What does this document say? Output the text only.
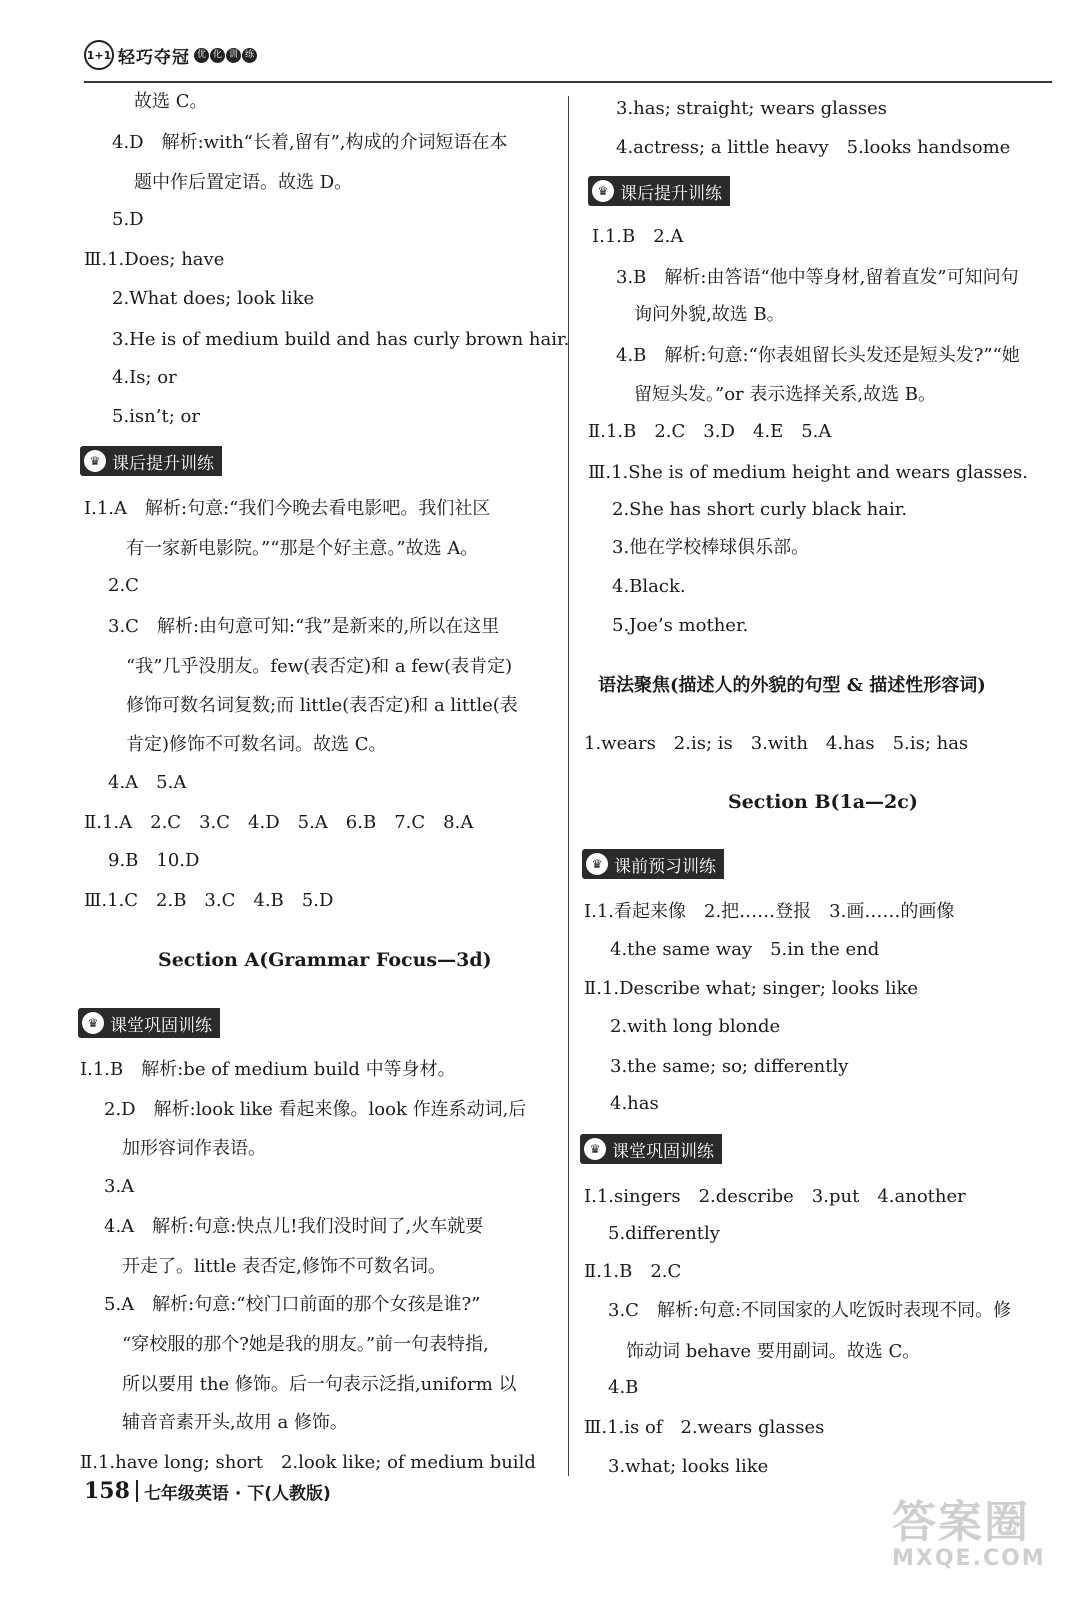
1+1 轻巧夺冠 优 化 训 练
故选 C。
4.D　解析:with“长着,留有”,构成的介词短语在本
题中作后置定语。故选 D。
5.D
Ⅲ.1.Does; have
2.What does; look like
3.He is of medium build and has curly brown hair.
4.Is; or
5.isn’t; or
♛ 课后提升训练
Ⅰ.1.A　解析:句意:“我们今晚去看电影吧。我们社区
有一家新电影院。”“那是个好主意。”故选 A。
2.C
3.C　解析:由句意可知:“我”是新来的,所以在这里
“我”几乎没朋友。few(表否定)和 a few(表肯定)
修饰可数名词复数;而 little(表否定)和 a little(表
肯定)修饰不可数名词。故选 C。
4.A　5.A
Ⅱ.1.A　2.C　3.C　4.D　5.A　6.B　7.C　8.A
9.B　10.D
Ⅲ.1.C　2.B　3.C　4.B　5.D
Section A(Grammar Focus—3d)
♛ 课堂巩固训练
Ⅰ.1.B　解析:be of medium build 中等身材。
2.D　解析:look like 看起来像。look 作连系动词,后
加形容词作表语。
3.A
4.A　解析:句意:快点儿!我们没时间了,火车就要
开走了。little 表否定,修饰不可数名词。
5.A　解析:句意:“校门口前面的那个女孩是谁?”
“穿校服的那个?她是我的朋友。”前一句表特指,
所以要用 the 修饰。后一句表示泛指,uniform 以
辅音音素开头,故用 a 修饰。
Ⅱ.1.have long; short　2.look like; of medium build
3.has; straight; wears glasses
4.actress; a little heavy　5.looks handsome
♛ 课后提升训练
Ⅰ.1.B　2.A
3.B　解析:由答语“他中等身材,留着直发”可知问句
询问外貌,故选 B。
4.B　解析:句意:“你表姐留长头发还是短头发?”“她
留短头发。”or 表示选择关系,故选 B。
Ⅱ.1.B　2.C　3.D　4.E　5.A
Ⅲ.1.She is of medium height and wears glasses.
2.She has short curly black hair.
3.他在学校棒球俱乐部。
4.Black.
5.Joe’s mother.
语法聚焦(描述人的外貌的句型 & 描述性形容词)
1.wears　2.is; is　3.with　4.has　5.is; has
Section B(1a—2c)
♛ 课前预习训练
Ⅰ.1.看起来像　2.把……登报　3.画……的画像
4.the same way　5.in the end
Ⅱ.1.Describe what; singer; looks like
2.with long blonde
3.the same; so; differently
4.has
♛ 课堂巩固训练
Ⅰ.1.singers　2.describe　3.put　4.another
5.differently
Ⅱ.1.B　2.C
3.C　解析:句意:不同国家的人吃饭时表现不同。修
饰动词 behave 要用副词。故选 C。
4.B
Ⅲ.1.is of　2.wears glasses
3.what; looks like
158 七年级英语 · 下(人教版)
答案圈
MXQE.COM
